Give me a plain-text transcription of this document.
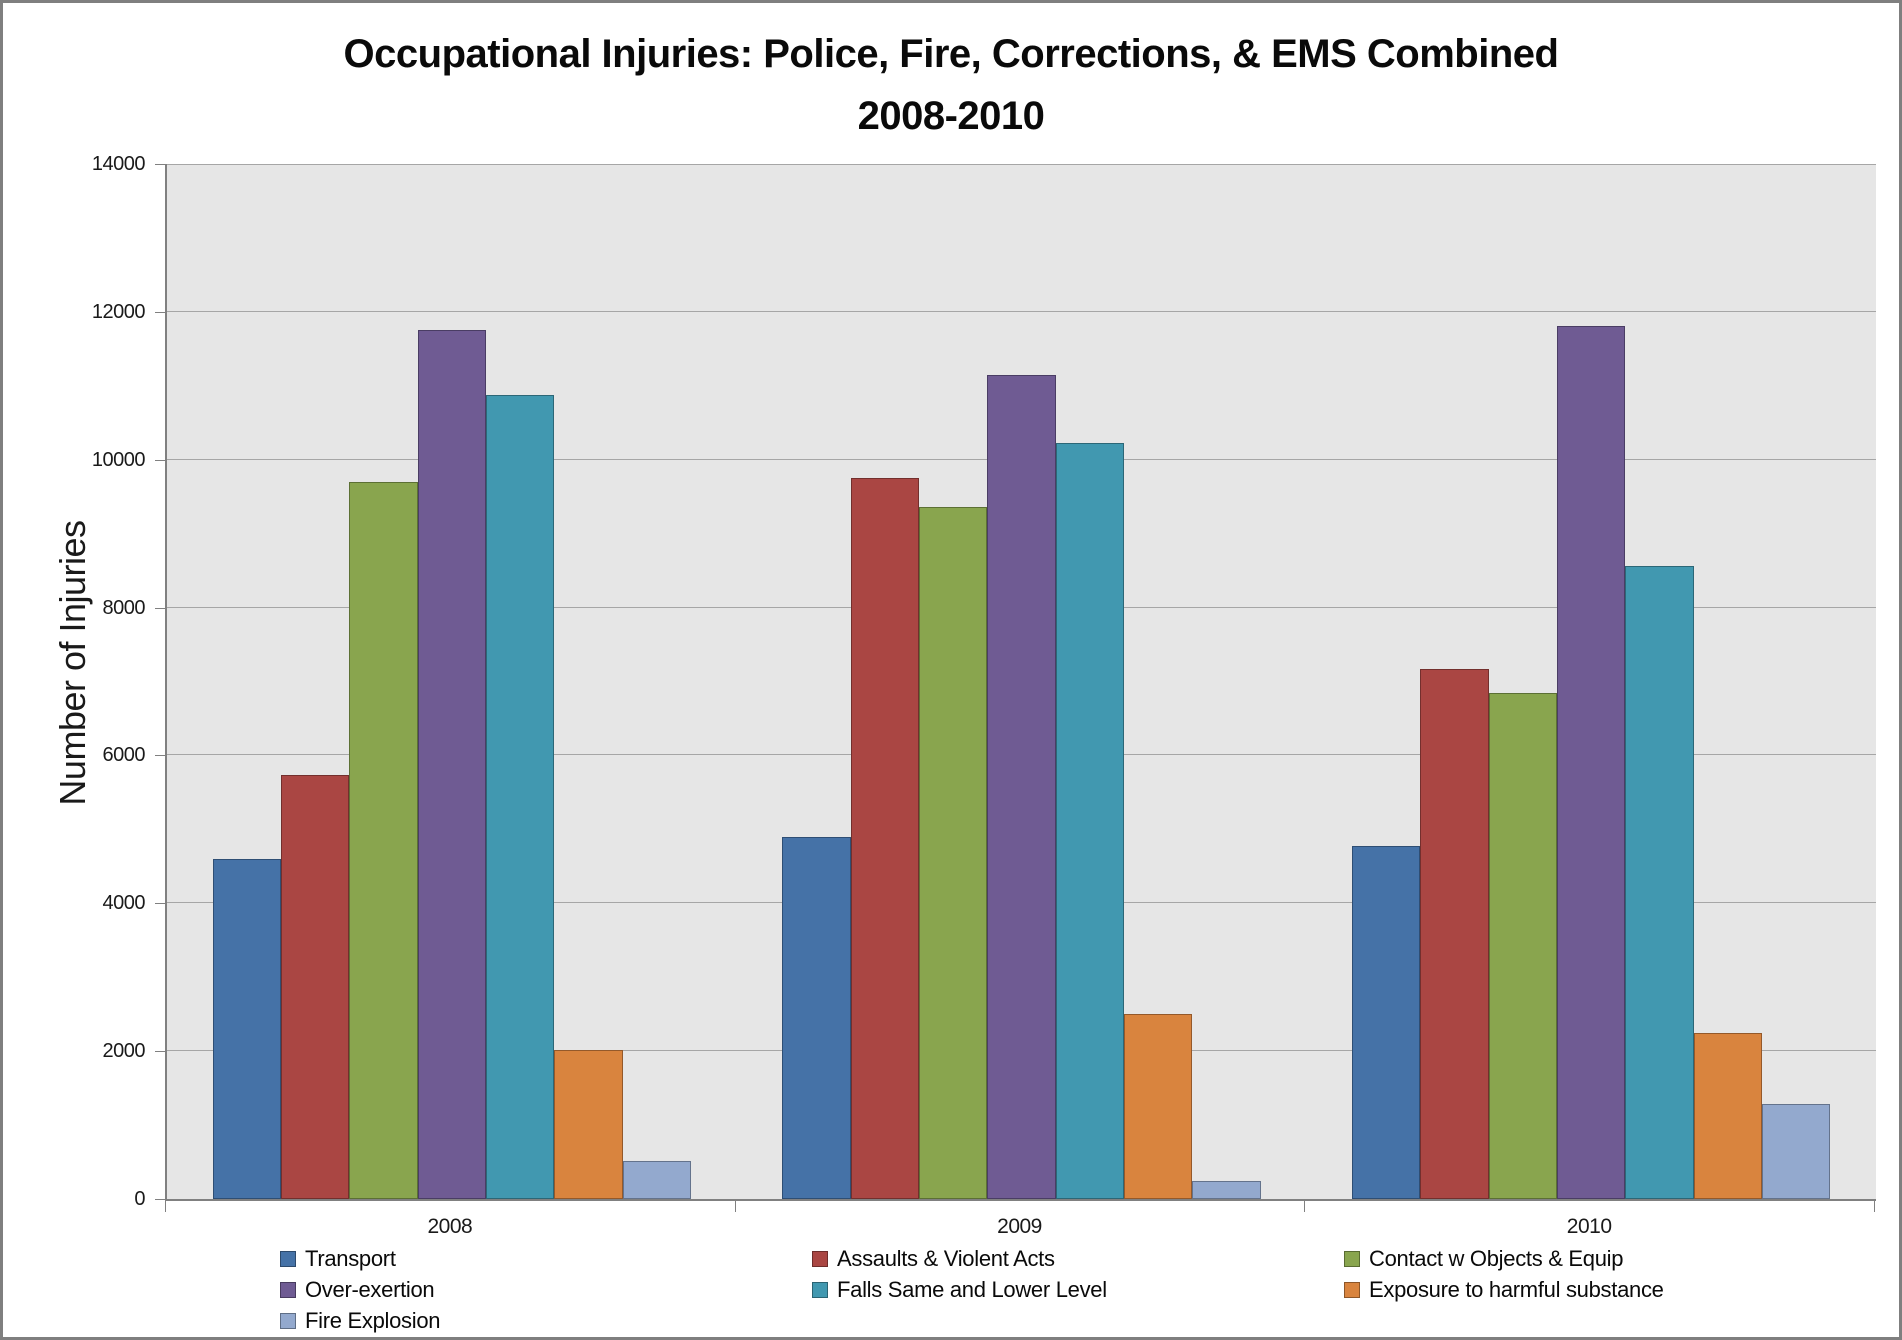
Occupational Injuries: Police, Fire, Corrections, & EMS Combined
2008-2010
Number of Injuries
0
2000
4000
6000
8000
10000
12000
14000
2008	2009	2010
Transport	Assaults & Violent Acts	Contact w Objects & Equip
Over-exertion	Falls Same and Lower Level	Exposure to harmful substance
Fire Explosion
